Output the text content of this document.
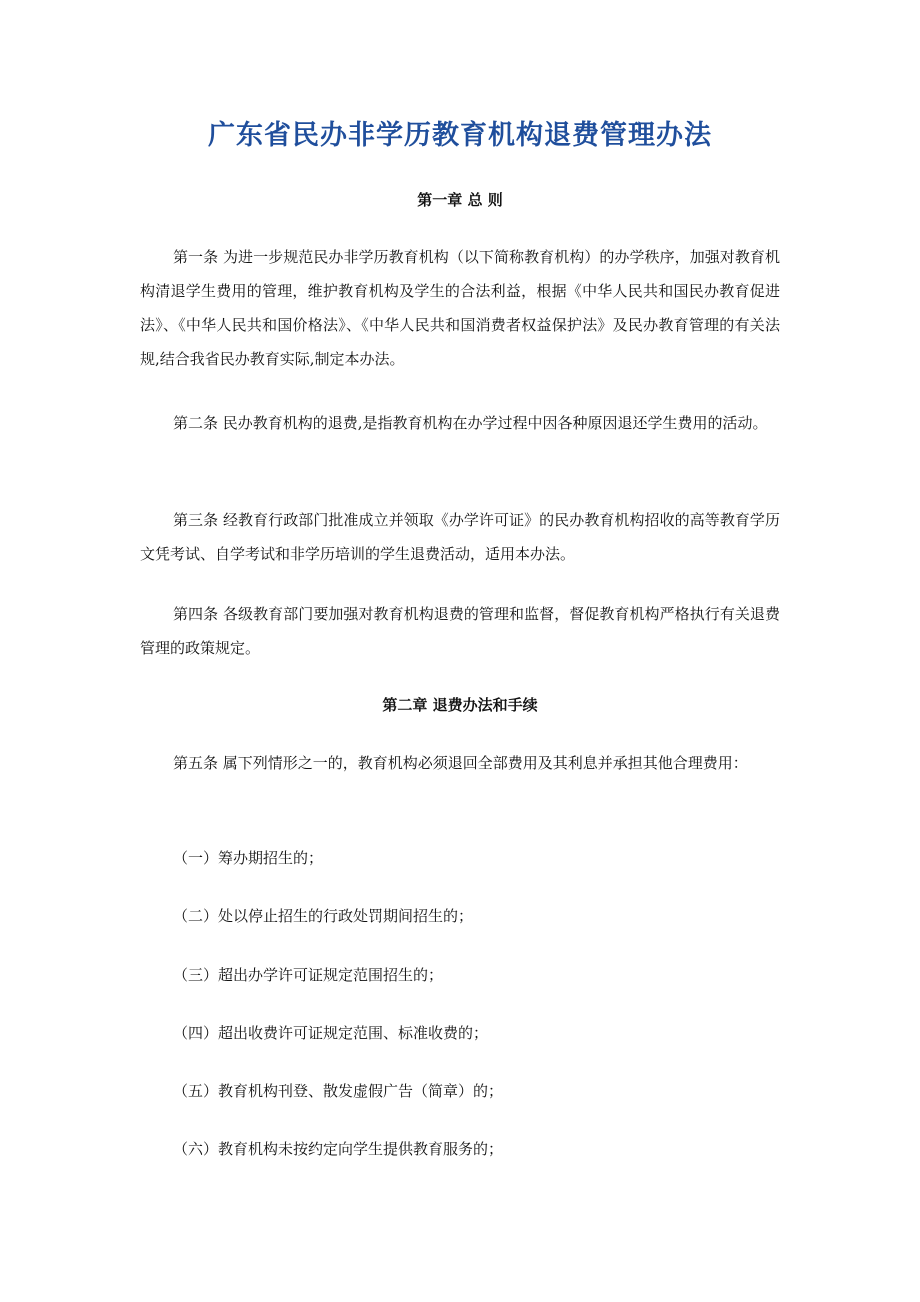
广东省民办非学历教育机构退费管理办法
第一章 总 则
第一条 为进一步规范民办非学历教育机构（以下简称教育机构）的办学秩序，加强对教育机构清退学生费用的管理，维护教育机构及学生的合法利益，根据《中华人民共和国民办教育促进法》、《中华人民共和国价格法》、《中华人民共和国消费者权益保护法》及民办教育管理的有关法规,结合我省民办教育实际,制定本办法。
第二条 民办教育机构的退费,是指教育机构在办学过程中因各种原因退还学生费用的活动。
第三条 经教育行政部门批准成立并领取《办学许可证》的民办教育机构招收的高等教育学历文凭考试、自学考试和非学历培训的学生退费活动，适用本办法。
第四条 各级教育部门要加强对教育机构退费的管理和监督，督促教育机构严格执行有关退费管理的政策规定。
第二章 退费办法和手续
第五条 属下列情形之一的，教育机构必须退回全部费用及其利息并承担其他合理费用：
（一）筹办期招生的；
（二）处以停止招生的行政处罚期间招生的；
（三）超出办学许可证规定范围招生的；
（四）超出收费许可证规定范围、标准收费的；
（五）教育机构刊登、散发虚假广告（简章）的；
（六）教育机构未按约定向学生提供教育服务的；
